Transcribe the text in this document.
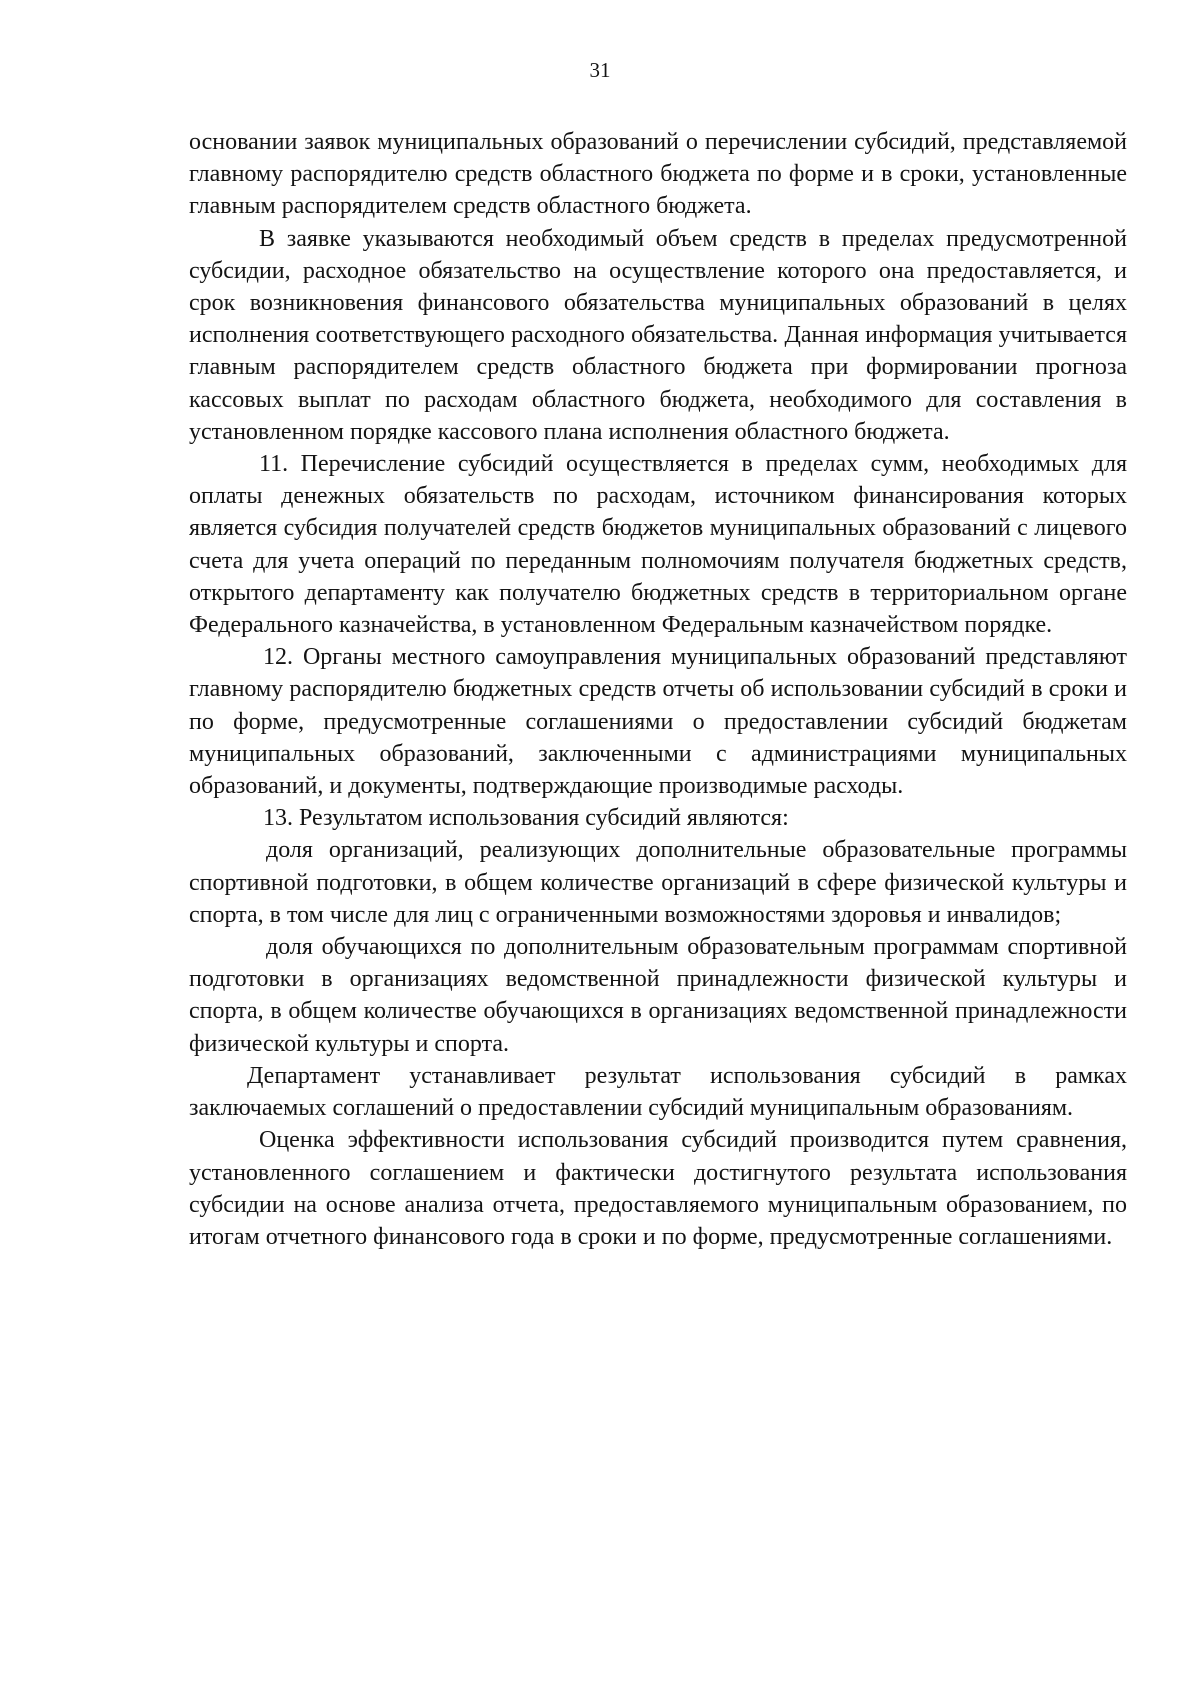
31

основании заявок муниципальных образований о перечислении субсидий, представляемой главному распорядителю средств областного бюджета по форме и в сроки, установленные главным распорядителем средств областного бюджета.

В заявке указываются необходимый объем средств в пределах предусмотренной субсидии, расходное обязательство на осуществление которого она предоставляется, и срок возникновения финансового обязательства муниципальных образований в целях исполнения соответствующего расходного обязательства. Данная информация учитывается главным распорядителем средств областного бюджета при формировании прогноза кассовых выплат по расходам областного бюджета, необходимого для составления в установленном порядке кассового плана исполнения областного бюджета.

11. Перечисление субсидий осуществляется в пределах сумм, необходимых для оплаты денежных обязательств по расходам, источником финансирования которых является субсидия получателей средств бюджетов муниципальных образований с лицевого счета для учета операций по переданным полномочиям получателя бюджетных средств, открытого департаменту как получателю бюджетных средств в территориальном органе Федерального казначейства, в установленном Федеральным казначейством порядке.

12. Органы местного самоуправления муниципальных образований представляют главному распорядителю бюджетных средств отчеты об использовании субсидий в сроки и по форме, предусмотренные соглашениями о предоставлении субсидий бюджетам муниципальных образований, заключенными с администрациями муниципальных образований, и документы, подтверждающие производимые расходы.

13. Результатом использования субсидий являются:

доля организаций, реализующих дополнительные образовательные программы спортивной подготовки, в общем количестве организаций в сфере физической культуры и спорта, в том числе для лиц с ограниченными возможностями здоровья и инвалидов;

доля обучающихся по дополнительным образовательным программам спортивной подготовки в организациях ведомственной принадлежности физической культуры и спорта, в общем количестве обучающихся в организациях ведомственной принадлежности физической культуры и спорта.

Департамент устанавливает результат использования субсидий в рамках заключаемых соглашений о предоставлении субсидий муниципальным образованиям.

Оценка эффективности использования субсидий производится путем сравнения, установленного соглашением и фактически достигнутого результата использования субсидии на основе анализа отчета, предоставляемого муниципальным образованием, по итогам отчетного финансового года в сроки и по форме, предусмотренные соглашениями.
